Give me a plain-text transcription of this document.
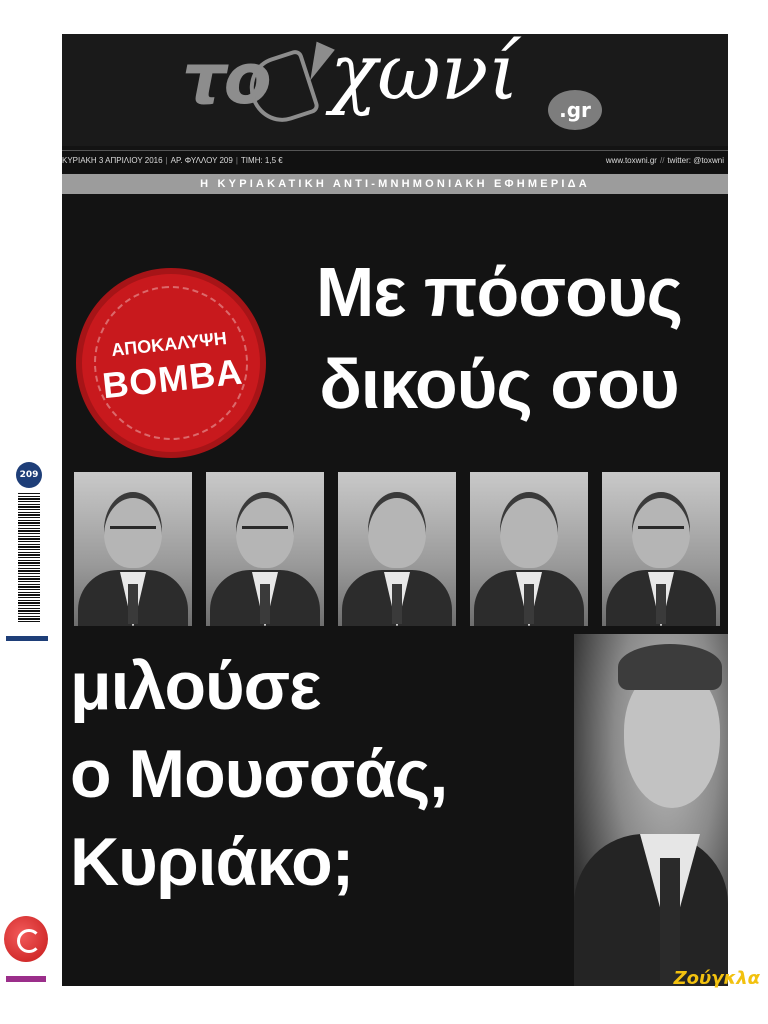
209
το χωνί	.gr
ΚΥΡΙΑΚΗ 3 ΑΠΡΙΛΙΟΥ 2016 | ΑΡ. ΦΥΛΛΟΥ 209 | ΤΙΜΗ: 1,5 €	www.toxwni.gr // twitter: @toxwni
Η ΚΥΡΙΑΚΑΤΙΚΗ ΑΝΤΙ-ΜΝΗΜΟΝΙΑΚΗ ΕΦΗΜΕΡΙΔΑ
ΑΠΟΚΑΛΥΨΗ
ΒΟΜΒΑ
Με πόσους
δικούς σου
μιλούσε
ο Μουσσάς,
Κυριάκο;
Ζούγκλα
